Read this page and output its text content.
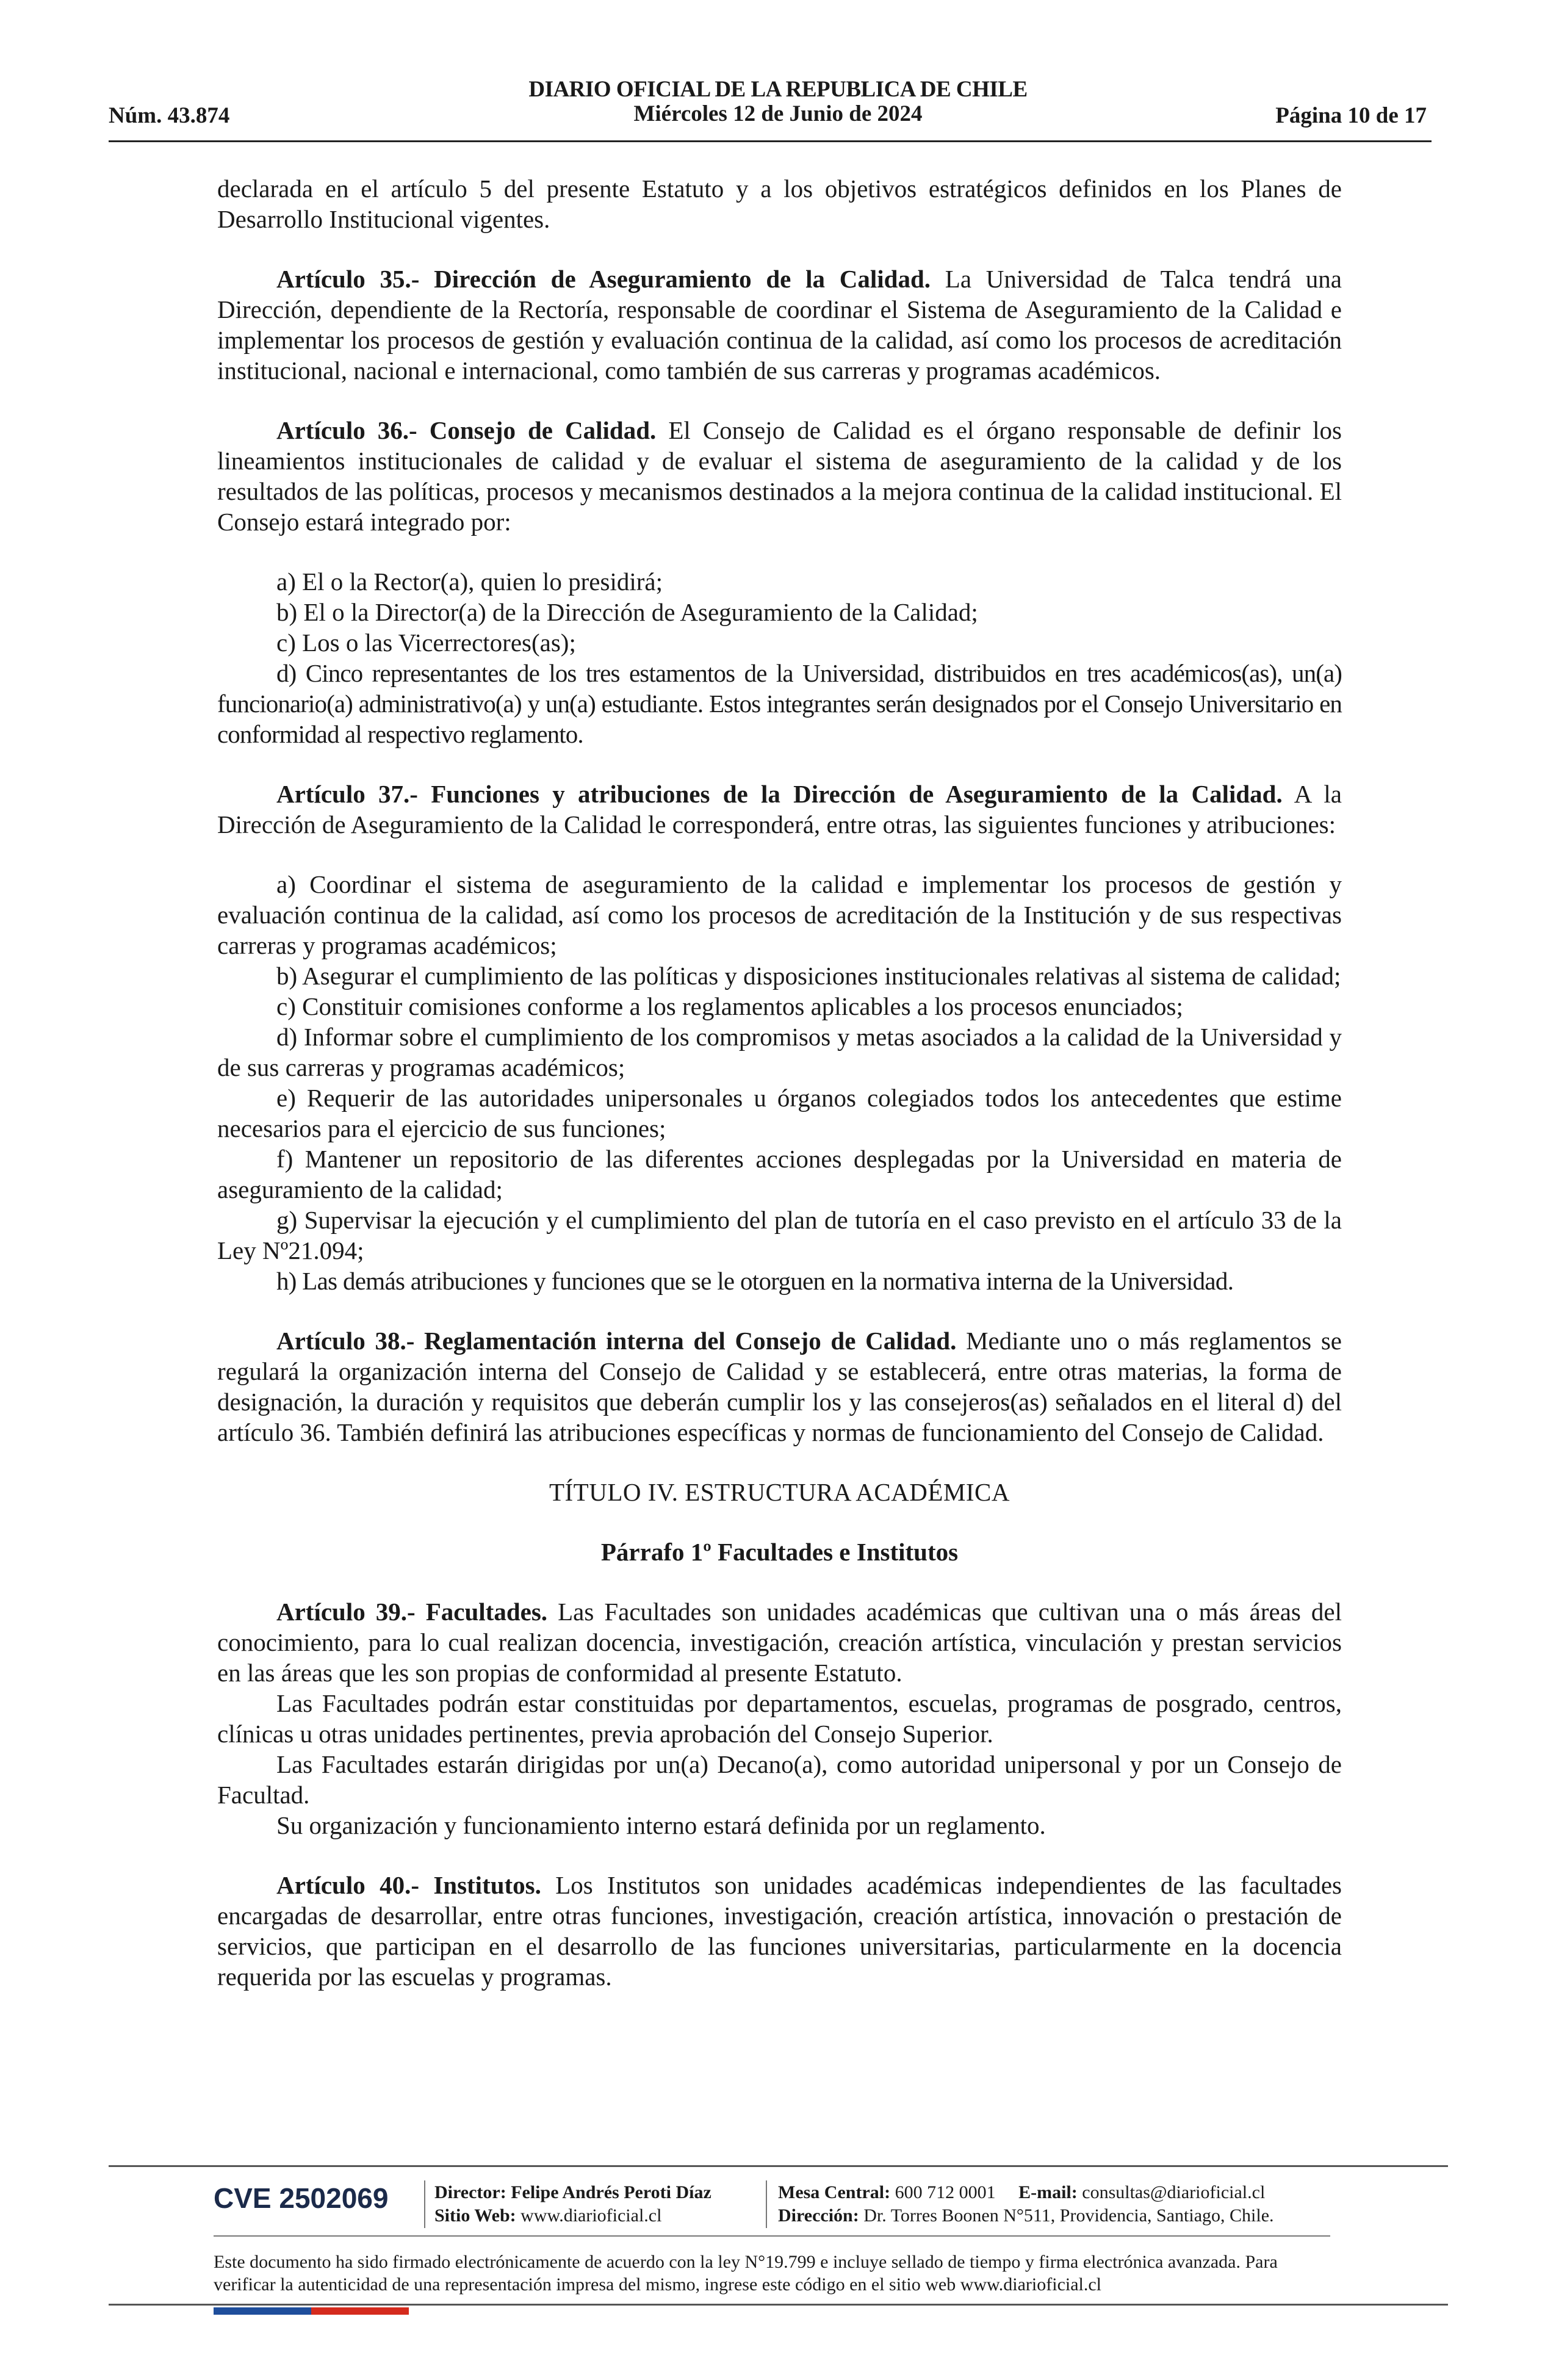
DIARIO OFICIAL DE LA REPUBLICA DE CHILE
Miércoles 12 de Junio de 2024
Núm. 43.874	Página 10 de 17

declarada en el artículo 5 del presente Estatuto y a los objetivos estratégicos definidos en los Planes de Desarrollo Institucional vigentes.

Artículo 35.- Dirección de Aseguramiento de la Calidad. La Universidad de Talca tendrá una Dirección, dependiente de la Rectoría, responsable de coordinar el Sistema de Aseguramiento de la Calidad e implementar los procesos de gestión y evaluación continua de la calidad, así como los procesos de acreditación institucional, nacional e internacional, como también de sus carreras y programas académicos.

Artículo 36.- Consejo de Calidad. El Consejo de Calidad es el órgano responsable de definir los lineamientos institucionales de calidad y de evaluar el sistema de aseguramiento de la calidad y de los resultados de las políticas, procesos y mecanismos destinados a la mejora continua de la calidad institucional. El Consejo estará integrado por:

a) El o la Rector(a), quien lo presidirá;

b) El o la Director(a) de la Dirección de Aseguramiento de la Calidad;

c) Los o las Vicerrectores(as);

d) Cinco representantes de los tres estamentos de la Universidad, distribuidos en tres académicos(as), un(a) funcionario(a) administrativo(a) y un(a) estudiante. Estos integrantes serán designados por el Consejo Universitario en conformidad al respectivo reglamento.

Artículo 37.- Funciones y atribuciones de la Dirección de Aseguramiento de la Calidad. A la Dirección de Aseguramiento de la Calidad le corresponderá, entre otras, las siguientes funciones y atribuciones:

a) Coordinar el sistema de aseguramiento de la calidad e implementar los procesos de gestión y evaluación continua de la calidad, así como los procesos de acreditación de la Institución y de sus respectivas carreras y programas académicos;

b) Asegurar el cumplimiento de las políticas y disposiciones institucionales relativas al sistema de calidad;

c) Constituir comisiones conforme a los reglamentos aplicables a los procesos enunciados;

d) Informar sobre el cumplimiento de los compromisos y metas asociados a la calidad de la Universidad y de sus carreras y programas académicos;

e) Requerir de las autoridades unipersonales u órganos colegiados todos los antecedentes que estime necesarios para el ejercicio de sus funciones;

f) Mantener un repositorio de las diferentes acciones desplegadas por la Universidad en materia de aseguramiento de la calidad;

g) Supervisar la ejecución y el cumplimiento del plan de tutoría en el caso previsto en el artículo 33 de la Ley Nº21.094;

h) Las demás atribuciones y funciones que se le otorguen en la normativa interna de la Universidad.

Artículo 38.- Reglamentación interna del Consejo de Calidad. Mediante uno o más reglamentos se regulará la organización interna del Consejo de Calidad y se establecerá, entre otras materias, la forma de designación, la duración y requisitos que deberán cumplir los y las consejeros(as) señalados en el literal d) del artículo 36. También definirá las atribuciones específicas y normas de funcionamiento del Consejo de Calidad.

TÍTULO IV. ESTRUCTURA ACADÉMICA

Párrafo 1º Facultades e Institutos

Artículo 39.- Facultades. Las Facultades son unidades académicas que cultivan una o más áreas del conocimiento, para lo cual realizan docencia, investigación, creación artística, vinculación y prestan servicios en las áreas que les son propias de conformidad al presente Estatuto.

Las Facultades podrán estar constituidas por departamentos, escuelas, programas de posgrado, centros, clínicas u otras unidades pertinentes, previa aprobación del Consejo Superior.

Las Facultades estarán dirigidas por un(a) Decano(a), como autoridad unipersonal y por un Consejo de Facultad.

Su organización y funcionamiento interno estará definida por un reglamento.

Artículo 40.- Institutos. Los Institutos son unidades académicas independientes de las facultades encargadas de desarrollar, entre otras funciones, investigación, creación artística, innovación o prestación de servicios, que participan en el desarrollo de las funciones universitarias, particularmente en la docencia requerida por las escuelas y programas.

CVE 2502069	Director: Felipe Andrés Peroti Díaz
Sitio Web: www.diarioficial.cl
Mesa Central: 600 712 0001 E-mail: consultas@diarioficial.cl
Dirección: Dr. Torres Boonen N°511, Providencia, Santiago, Chile.
Este documento ha sido firmado electrónicamente de acuerdo con la ley N°19.799 e incluye sellado de tiempo y firma electrónica avanzada. Para verificar la autenticidad de una representación impresa del mismo, ingrese este código en el sitio web www.diarioficial.cl
